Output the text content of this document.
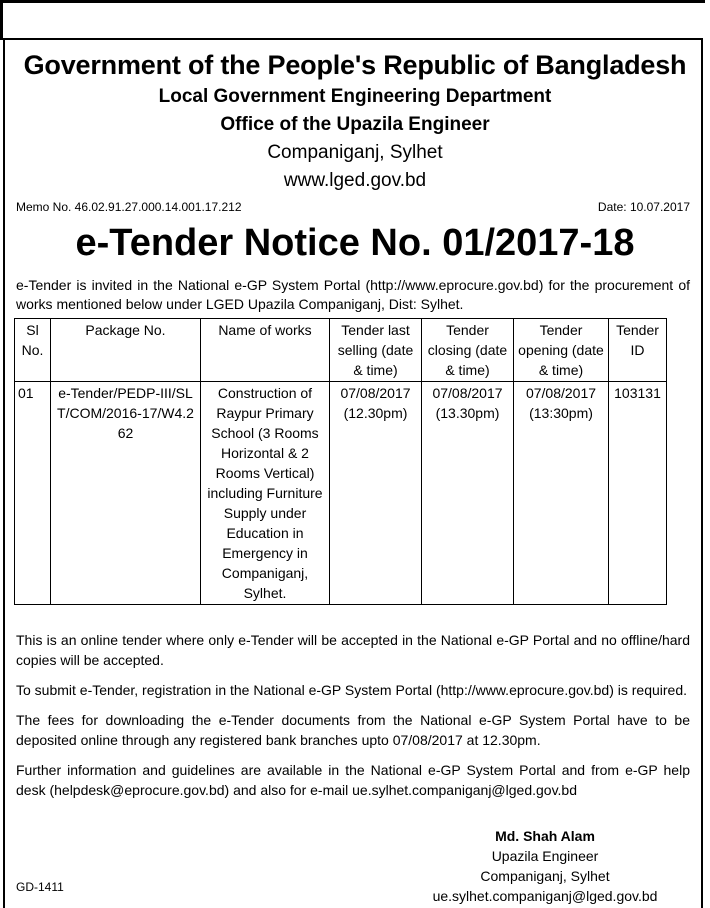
Government of the People's Republic of Bangladesh
Local Government Engineering Department
Office of the Upazila Engineer
Companiganj, Sylhet
www.lged.gov.bd
Memo No. 46.02.91.27.000.14.001.17.212	Date: 10.07.2017
e-Tender Notice No. 01/2017-18
e-Tender is invited in the National e-GP System Portal (http://www.eprocure.gov.bd) for the procurement of works mentioned below under LGED Upazila Companiganj, Dist: Sylhet.
Sl No.	Package No.	Name of works	Tender last selling (date & time)	Tender closing (date & time)	Tender opening (date & time)	Tender ID
01	e-Tender/PEDP-III/SLT/COM/2016-17/W4.262	Construction of Raypur Primary School (3 Rooms Horizontal & 2 Rooms Vertical) including Furniture Supply under Education in Emergency in Companiganj, Sylhet.	07/08/2017 (12.30pm)	07/08/2017 (13.30pm)	07/08/2017 (13:30pm)	103131

This is an online tender where only e-Tender will be accepted in the National e-GP Portal and no offline/hard copies will be accepted.

To submit e-Tender, registration in the National e-GP System Portal (http://www.eprocure.gov.bd) is required.

The fees for downloading the e-Tender documents from the National e-GP System Portal have to be deposited online through any registered bank branches upto 07/08/2017 at 12.30pm.

Further information and guidelines are available in the National e-GP System Portal and from e-GP help desk (helpdesk@eprocure.gov.bd) and also for e-mail ue.sylhet.companiganj@lged.gov.bd

Md. Shah Alam
Upazila Engineer
Companiganj, Sylhet
ue.sylhet.companiganj@lged.gov.bd
GD-1411
